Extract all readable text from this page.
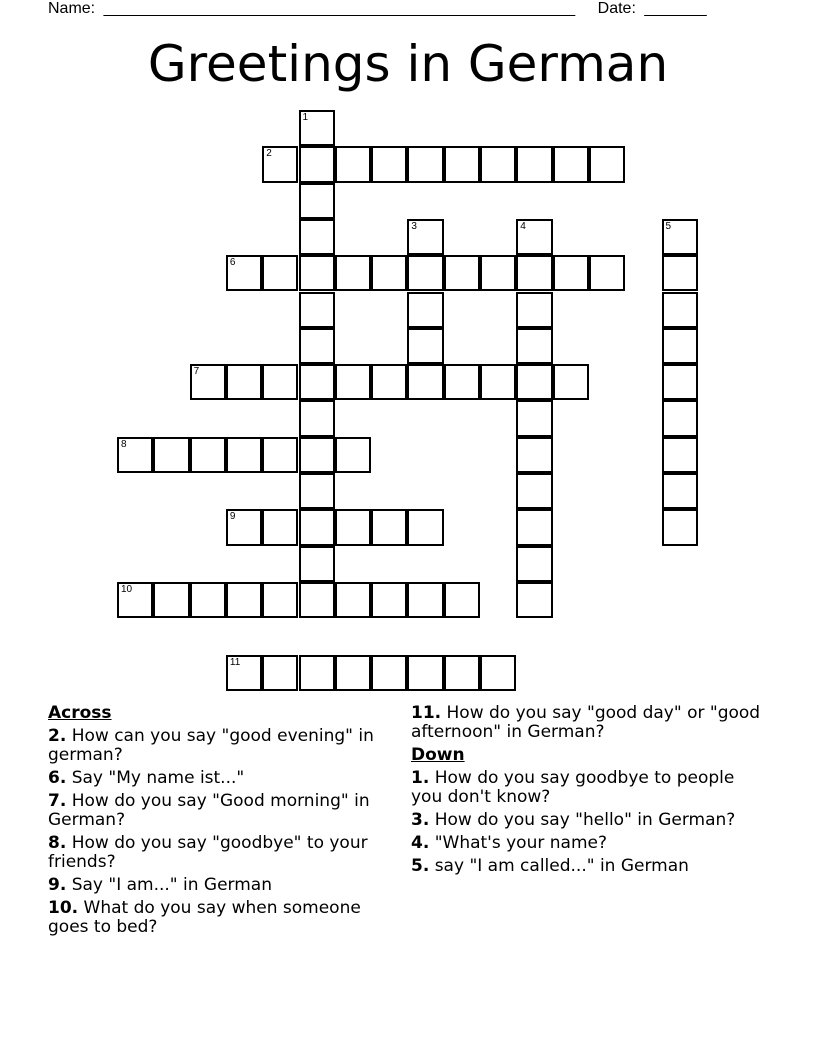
Name: _____________________________________________________ Date: _______
Greetings in German
2
6
7
8
9
10
11
1
3	4	5
Across
2. How can you say "good evening" in german?
6. Say "My name ist..."
7. How do you say "Good morning" in German?
8. How do you say "goodbye" to your friends?
9. Say "I am..." in German
10. What do you say when someone goes to bed?
11. How do you say "good day" or "good afternoon" in German?
Down
1. How do you say goodbye to people you don't know?
3. How do you say "hello" in German?
4. "What's your name?
5. say "I am called..." in German
